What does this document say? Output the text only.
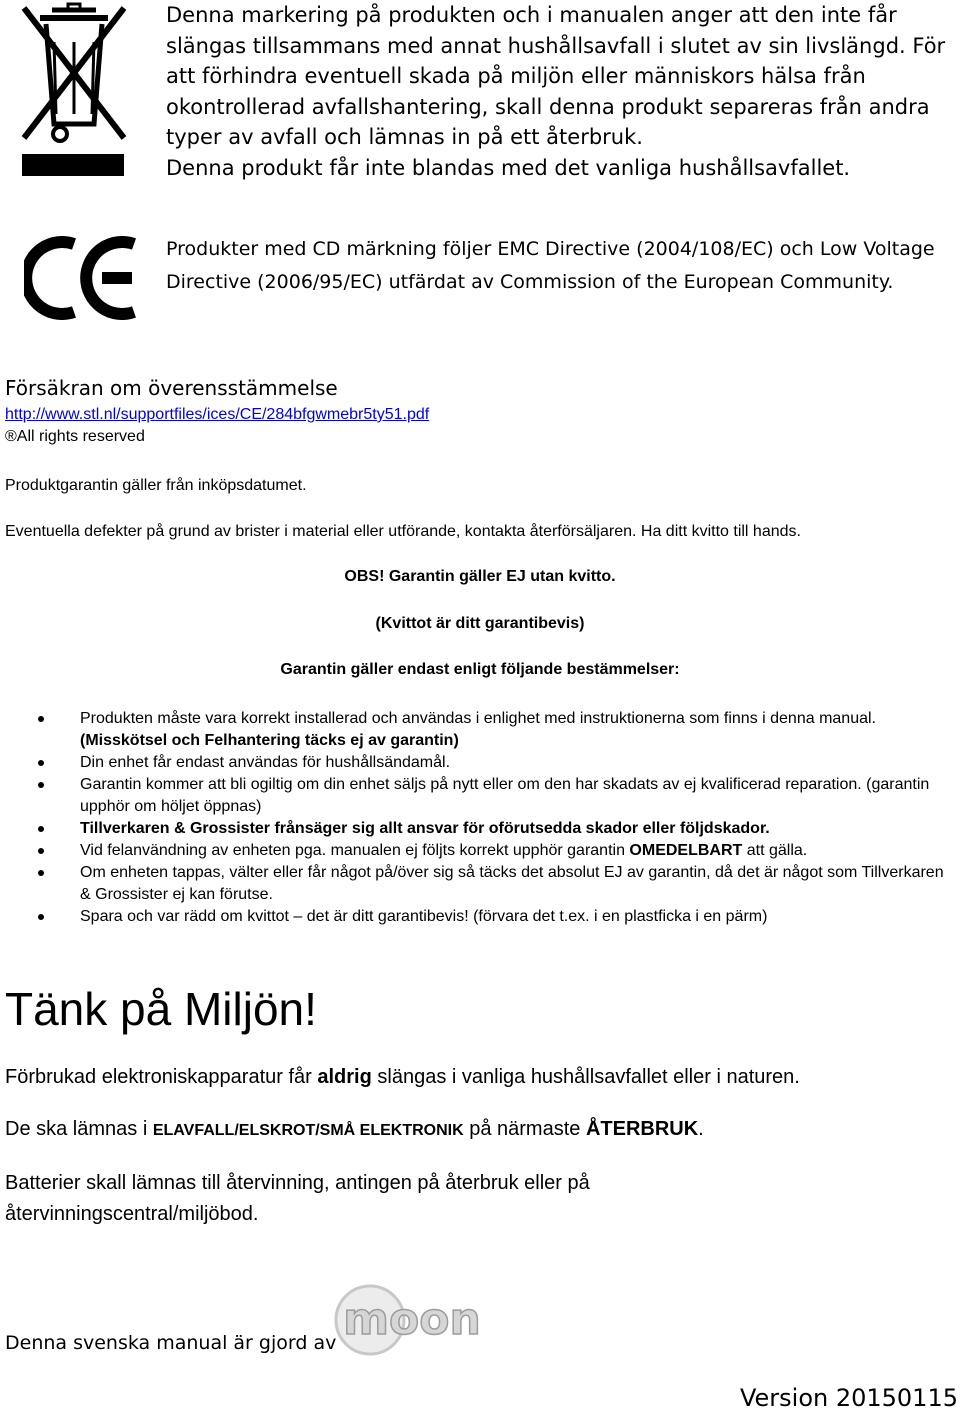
Denna markering på produkten och i manualen anger att den inte får slängas tillsammans med annat hushållsavfall i slutet av sin livslängd. För att förhindra eventuell skada på miljön eller människors hälsa från okontrollerad avfallshantering, skall denna produkt separeras från andra typer av avfall och lämnas in på ett återbruk.
Denna produkt får inte blandas med det vanliga hushållsavfallet.
Produkter med CD märkning följer EMC Directive (2004/108/EC) och Low Voltage Directive (2006/95/EC) utfärdat av Commission of the European Community.
Försäkran om överensstämmelse
http://www.stl.nl/supportfiles/ices/CE/284bfgwmebr5ty51.pdf
®All rights reserved
Produktgarantin gäller från inköpsdatumet.
Eventuella defekter på grund av brister i material eller utförande, kontakta återförsäljaren. Ha ditt kvitto till hands.
OBS! Garantin gäller EJ utan kvitto.
(Kvittot är ditt garantibevis)
Garantin gäller endast enligt följande bestämmelser:
Produkten måste vara korrekt installerad och användas i enlighet med instruktionerna som finns i denna manual. (Misskötsel och Felhantering täcks ej av garantin)
Din enhet får endast användas för hushållsändamål.
Garantin kommer att bli ogiltig om din enhet säljs på nytt eller om den har skadats av ej kvalificerad reparation. (garantin upphör om höljet öppnas)
Tillverkaren & Grossister frånsäger sig allt ansvar för oförutsedda skador eller följdskador.
Vid felanvändning av enheten pga. manualen ej följts korrekt upphör garantin OMEDELBART att gälla.
Om enheten tappas, välter eller får något på/över sig så täcks det absolut EJ av garantin, då det är något som Tillverkaren & Grossister ej kan förutse.
Spara och var rädd om kvittot – det är ditt garantibevis! (förvara det t.ex. i en plastficka i en pärm)
Tänk på Miljön!
Förbrukad elektroniskapparatur får aldrig slängas i vanliga hushållsavfallet eller i naturen.
De ska lämnas i ELAVFALL/ELSKROT/SMÅ ELEKTRONIK på närmaste ÅTERBRUK.
Batterier skall lämnas till återvinning, antingen på återbruk eller på återvinningscentral/miljöbod.
Denna svenska manual är gjord av moon
Version 20150115
